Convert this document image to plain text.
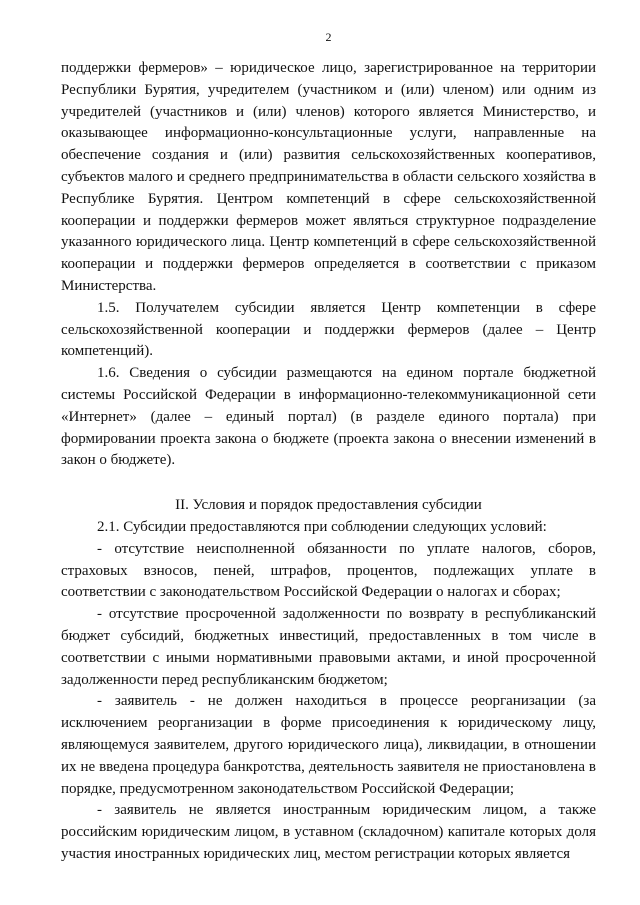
2

поддержки фермеров» – юридическое лицо, зарегистрированное на территории Республики Бурятия, учредителем (участником и (или) членом) или одним из учредителей (участников и (или) членов) которого является Министерство, и оказывающее информационно-консультационные услуги, направленные на обеспечение создания и (или) развития сельскохозяйственных кооперативов, субъектов малого и среднего предпринимательства в области сельского хозяйства в Республике Бурятия. Центром компетенций в сфере сельскохозяйственной кооперации и поддержки фермеров может являться структурное подразделение указанного юридического лица. Центр компетенций в сфере сельскохозяйственной кооперации и поддержки фермеров определяется в соответствии с приказом Министерства.

1.5. Получателем субсидии является Центр компетенции в сфере сельскохозяйственной кооперации и поддержки фермеров (далее – Центр компетенций).

1.6. Сведения о субсидии размещаются на едином портале бюджетной системы Российской Федерации в информационно-телекоммуникационной сети «Интернет» (далее – единый портал) (в разделе единого портала) при формировании проекта закона о бюджете (проекта закона о внесении изменений в закон о бюджете).

II. Условия и порядок предоставления субсидии

2.1. Субсидии предоставляются при соблюдении следующих условий:

- отсутствие неисполненной обязанности по уплате налогов, сборов, страховых взносов, пеней, штрафов, процентов, подлежащих уплате в соответствии с законодательством Российской Федерации о налогах и сборах;

- отсутствие просроченной задолженности по возврату в республиканский бюджет субсидий, бюджетных инвестиций, предоставленных в том числе в соответствии с иными нормативными правовыми актами, и иной просроченной задолженности перед республиканским бюджетом;

- заявитель - не должен находиться в процессе реорганизации (за исключением реорганизации в форме присоединения к юридическому лицу, являющемуся заявителем, другого юридического лица), ликвидации, в отношении их не введена процедура банкротства, деятельность заявителя не приостановлена в порядке, предусмотренном законодательством Российской Федерации;

- заявитель не является иностранным юридическим лицом, а также российским юридическим лицом, в уставном (складочном) капитале которых доля участия иностранных юридических лиц, местом регистрации которых является
